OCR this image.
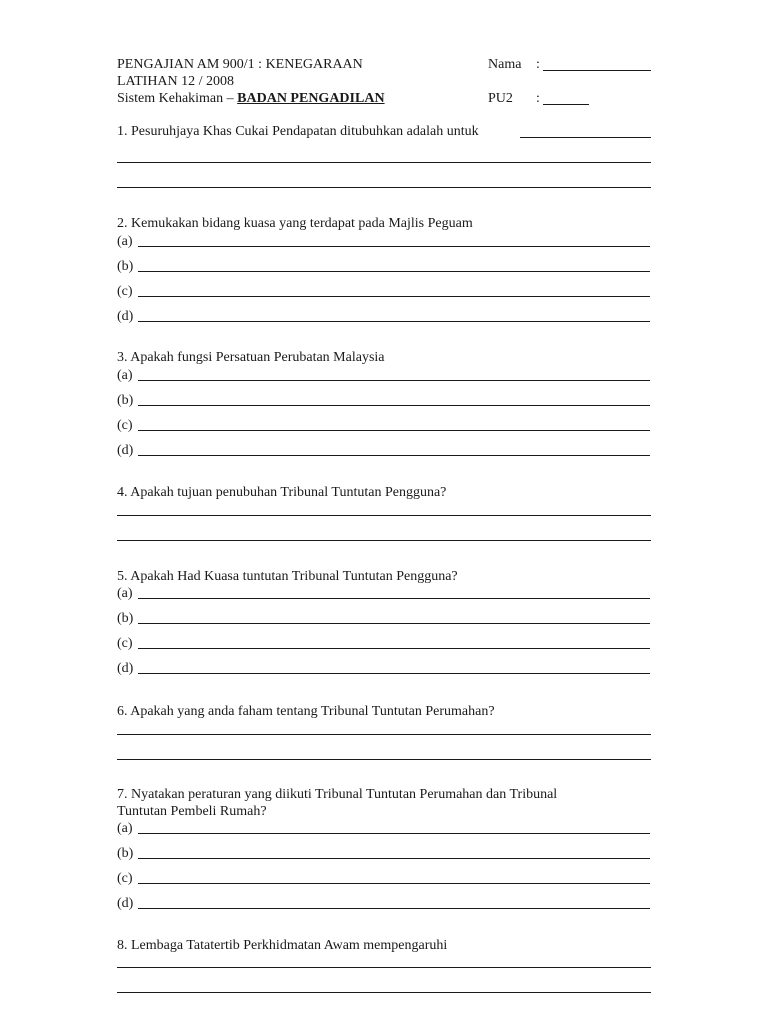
PENGAJIAN AM 900/1 : KENEGARAAN
LATIHAN 12 / 2008
Sistem Kehakiman – BADAN PENGADILAN
Nama :
PU2 :
1. Pesuruhjaya Khas Cukai Pendapatan ditubuhkan adalah untuk
2. Kemukakan bidang kuasa yang terdapat pada Majlis Peguam
(a)
(b)
(c)
(d)
3. Apakah fungsi Persatuan Perubatan Malaysia
(a)
(b)
(c)
(d)
4. Apakah tujuan penubuhan Tribunal Tuntutan Pengguna?
5. Apakah Had Kuasa tuntutan Tribunal Tuntutan Pengguna?
(a)
(b)
(c)
(d)
6. Apakah yang anda faham tentang Tribunal Tuntutan Perumahan?
7. Nyatakan peraturan yang diikuti Tribunal Tuntutan Perumahan dan Tribunal
Tuntutan Pembeli Rumah?
(a)
(b)
(c)
(d)
8. Lembaga Tatatertib Perkhidmatan Awam mempengaruhi
